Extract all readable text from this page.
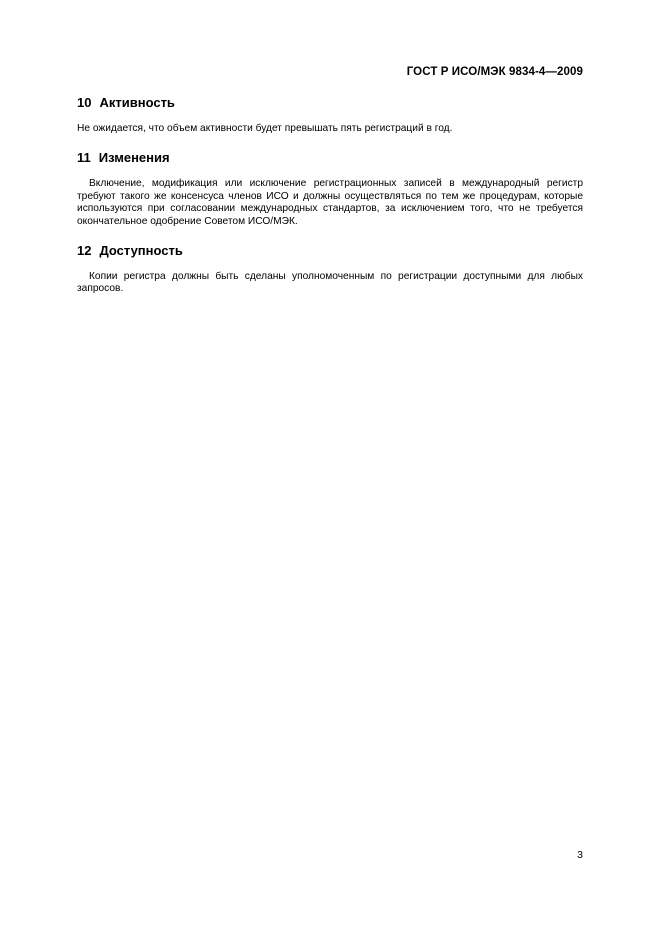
ГОСТ Р ИСО/МЭК 9834-4—2009
10 Активность

Не ожидается, что объем активности будет превышать пять регистраций в год.

11 Изменения

Включение, модификация или исключение регистрационных записей в международный регистр требуют такого же консенсуса членов ИСО и должны осуществляться по тем же процедурам, которые используются при согласовании международных стандартов, за исключением того, что не требуется окончательное одобрение Советом ИСО/МЭК.

12 Доступность

Копии регистра должны быть сделаны уполномоченным по регистрации доступными для любых запросов.

3
